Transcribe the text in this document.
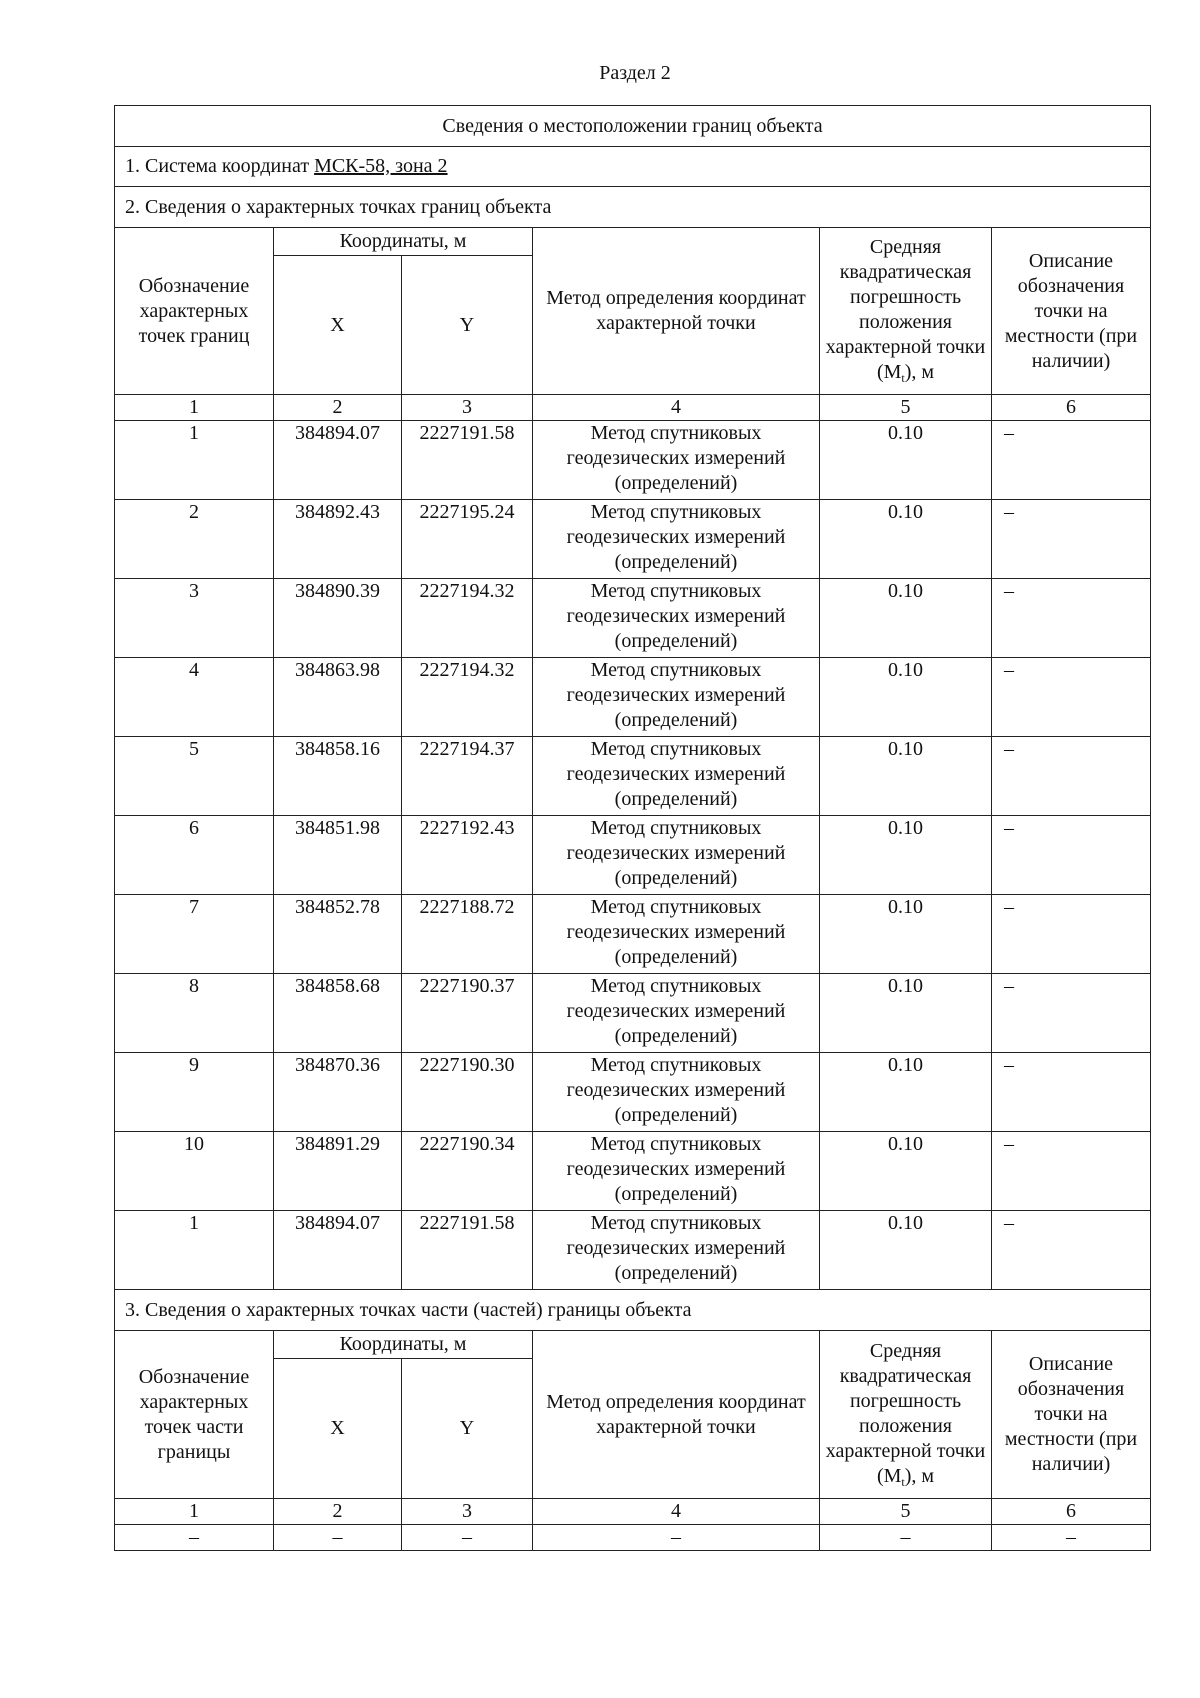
Раздел 2
Сведения о местоположении границ объекта					
1. Система координат МСК-58, зона 2					
2. Сведения о характерных точках границ объекта					
Обозначение характерных точек границ	Координаты, м		Метод определения координат характерной точки	Средняя квадратическая погрешность положения характерной точки $(M_t)$, м	Описание обозначения точки на местности (при наличии)
	X	Y			
1	2	3	4	5	6
1	384894.07	2227191.58	Метод спутниковых геодезических измерений (определений)	0.10	–
2	384892.43	2227195.24	Метод спутниковых геодезических измерений (определений)	0.10	–
3	384890.39	2227194.32	Метод спутниковых геодезических измерений (определений)	0.10	–
4	384863.98	2227194.32	Метод спутниковых геодезических измерений (определений)	0.10	–
5	384858.16	2227194.37	Метод спутниковых геодезических измерений (определений)	0.10	–
6	384851.98	2227192.43	Метод спутниковых геодезических измерений (определений)	0.10	–
7	384852.78	2227188.72	Метод спутниковых геодезических измерений (определений)	0.10	–
8	384858.68	2227190.37	Метод спутниковых геодезических измерений (определений)	0.10	–
9	384870.36	2227190.30	Метод спутниковых геодезических измерений (определений)	0.10	–
10	384891.29	2227190.34	Метод спутниковых геодезических измерений (определений)	0.10	–
1	384894.07	2227191.58	Метод спутниковых геодезических измерений (определений)	0.10	–
3. Сведения о характерных точках части (частей) границы объекта					
Обозначение характерных точек части границы	Координаты, м		Метод определения координат характерной точки	Средняя квадратическая погрешность положения характерной точки $(M_t)$, м	Описание обозначения точки на местности (при наличии)
	X	Y			
1	2	3	4	5	6
–	–	–	–	–	–
